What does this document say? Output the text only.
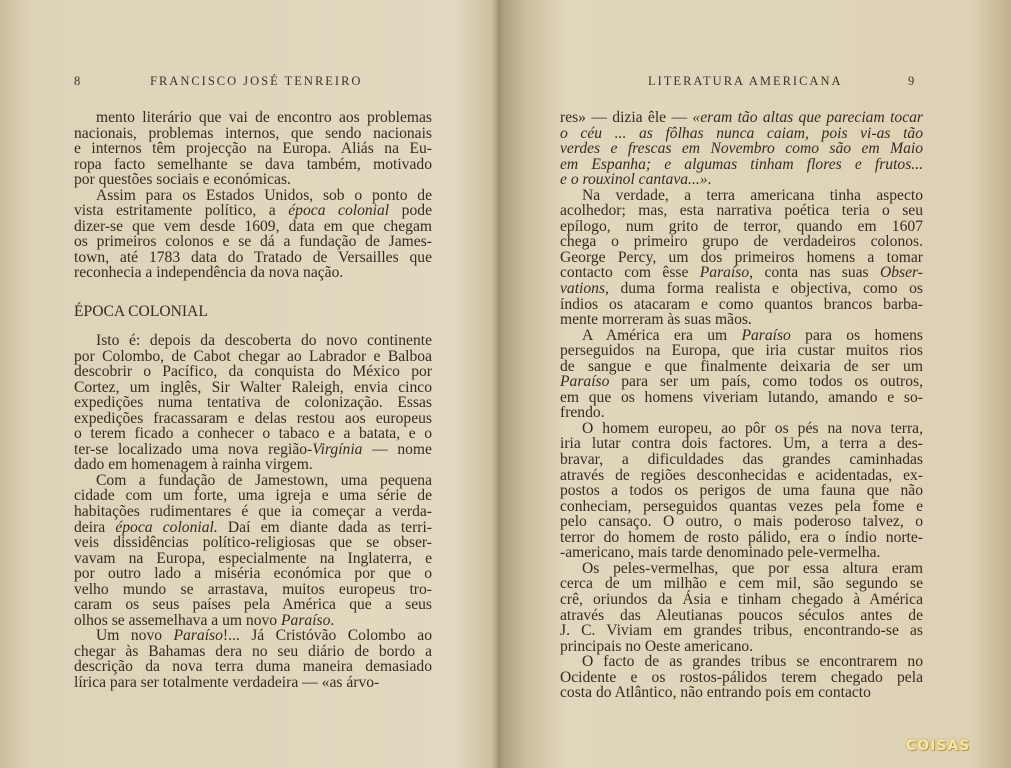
8	FRANCISCO JOSÉ TENREIRO
mento literário que vai de encontro aos problemas
nacionais, problemas internos, que sendo nacionais
e internos têm projecção na Europa. Aliás na Eu-
ropa facto semelhante se dava também, motivado
por questões sociais e económicas.
Assim para os Estados Unidos, sob o ponto de
vista estritamente político, a época colonial pode
dizer-se que vem desde 1609, data em que chegam
os primeiros colonos e se dá a fundação de James-
town, até 1783 data do Tratado de Versailles que
reconhecia a independência da nova nação.
ÉPOCA COLONIAL
Isto é: depois da descoberta do novo continente
por Colombo, de Cabot chegar ao Labrador e Balboa
descobrir o Pacífico, da conquista do México por
Cortez, um inglês, Sir Walter Raleigh, envia cinco
expedições numa tentativa de colonização. Essas
expedições fracassaram e delas restou aos europeus
o terem ficado a conhecer o tabaco e a batata, e o
ter-se localizado uma nova região-Virgínia — nome
dado em homenagem à rainha virgem.
Com a fundação de Jamestown, uma pequena
cidade com um forte, uma igreja e uma série de
habitações rudimentares é que ia começar a verda-
deira época colonial. Daí em diante dada as terri-
veis dissidências político-religiosas que se obser-
vavam na Europa, especialmente na Inglaterra, e
por outro lado a miséria económica por que o
velho mundo se arrastava, muitos europeus tro-
caram os seus países pela América que a seus
olhos se assemelhava a um novo Paraíso.
Um novo Paraíso!... Já Cristóvão Colombo ao
chegar às Bahamas dera no seu diário de bordo a
descrição da nova terra duma maneira demasiado
lírica para ser totalmente verdadeira — «as árvo-
LITERATURA AMERICANA	9
res» — dizia êle — «eram tão altas que pareciam tocar
o céu ... as fôlhas nunca caiam, pois vi-as tão
verdes e frescas em Novembro como são em Maio
em Espanha; e algumas tinham flores e frutos...
e o rouxinol cantava...».
Na verdade, a terra americana tinha aspecto
acolhedor; mas, esta narrativa poética teria o seu
epílogo, num grito de terror, quando em 1607
chega o primeiro grupo de verdadeiros colonos.
George Percy, um dos primeiros homens a tomar
contacto com êsse Paraíso, conta nas suas Obser-
vations, duma forma realista e objectiva, como os
índios os atacaram e como quantos brancos barba-
mente morreram às suas mãos.
A América era um Paraíso para os homens
perseguidos na Europa, que iria custar muitos rios
de sangue e que finalmente deixaria de ser um
Paraíso para ser um país, como todos os outros,
em que os homens viveriam lutando, amando e so-
frendo.
O homem europeu, ao pôr os pés na nova terra,
iria lutar contra dois factores. Um, a terra a des-
bravar, a dificuldades das grandes caminhadas
através de regiões desconhecidas e acidentadas, ex-
postos a todos os perigos de uma fauna que não
conheciam, perseguidos quantas vezes pela fome e
pelo cansaço. O outro, o mais poderoso talvez, o
terror do homem de rosto pálido, era o índio norte-
-americano, mais tarde denominado pele-vermelha.
Os peles-vermelhas, que por essa altura eram
cerca de um milhão e cem mil, são segundo se
crê, oriundos da Ásia e tinham chegado à América
através das Aleutianas poucos séculos antes de
J. C. Viviam em grandes tribus, encontrando-se as
principais no Oeste americano.
O facto de as grandes tribus se encontrarem no
Ocidente e os rostos-pálidos terem chegado pela
costa do Atlântico, não entrando pois em contacto
COISAS
